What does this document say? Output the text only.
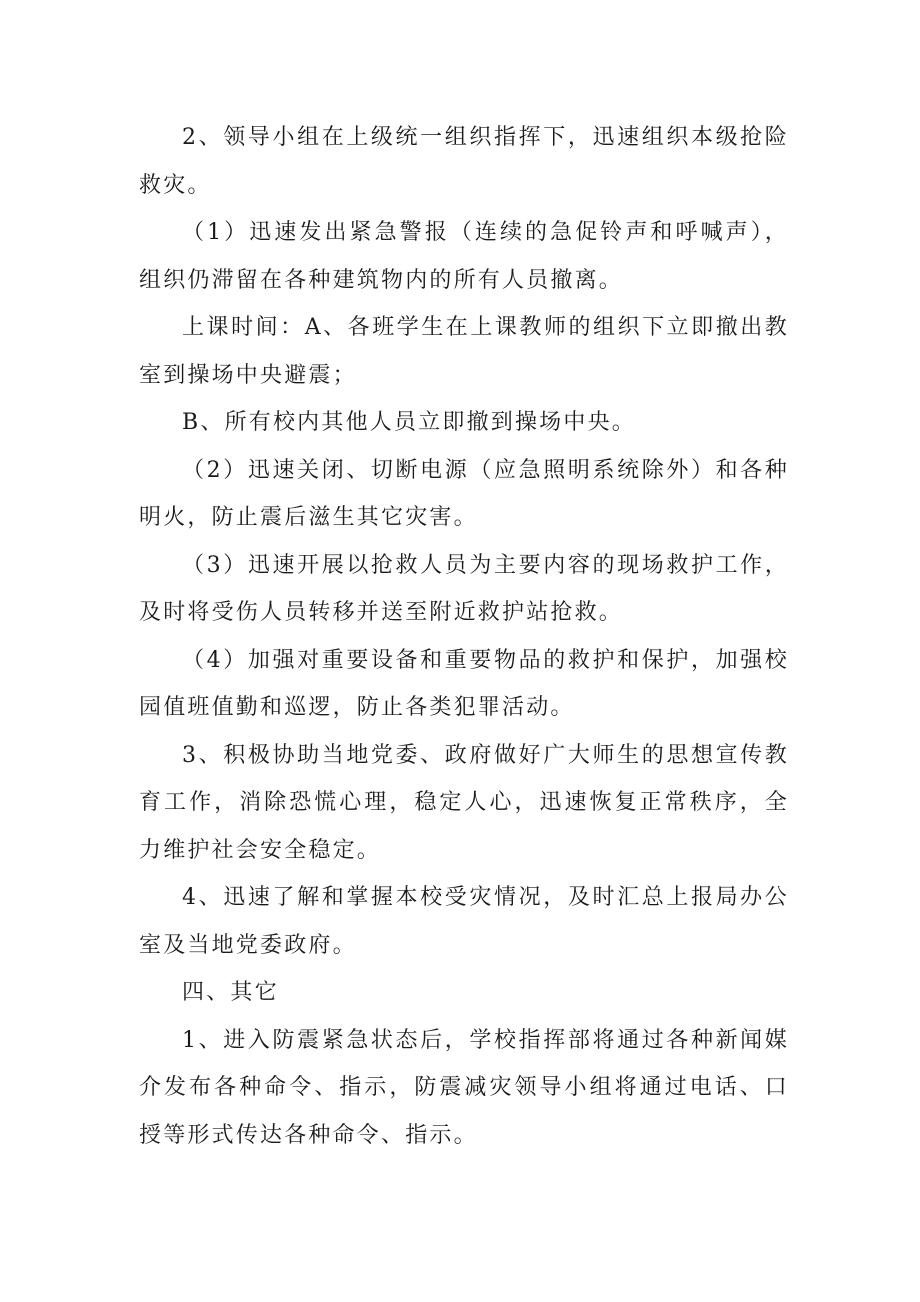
2、领导小组在上级统一组织指挥下，迅速组织本级抢险救灾。

（1）迅速发出紧急警报（连续的急促铃声和呼喊声），组织仍滞留在各种建筑物内的所有人员撤离。

上课时间：A、各班学生在上课教师的组织下立即撤出教室到操场中央避震；

B、所有校内其他人员立即撤到操场中央。

（2）迅速关闭、切断电源（应急照明系统除外）和各种明火，防止震后滋生其它灾害。

（3）迅速开展以抢救人员为主要内容的现场救护工作，及时将受伤人员转移并送至附近救护站抢救。

（4）加强对重要设备和重要物品的救护和保护，加强校园值班值勤和巡逻，防止各类犯罪活动。

3、积极协助当地党委、政府做好广大师生的思想宣传教育工作，消除恐慌心理，稳定人心，迅速恢复正常秩序，全力维护社会安全稳定。

4、迅速了解和掌握本校受灾情况，及时汇总上报局办公室及当地党委政府。

四、其它

1、进入防震紧急状态后，学校指挥部将通过各种新闻媒介发布各种命令、指示，防震减灾领导小组将通过电话、口授等形式传达各种命令、指示。
